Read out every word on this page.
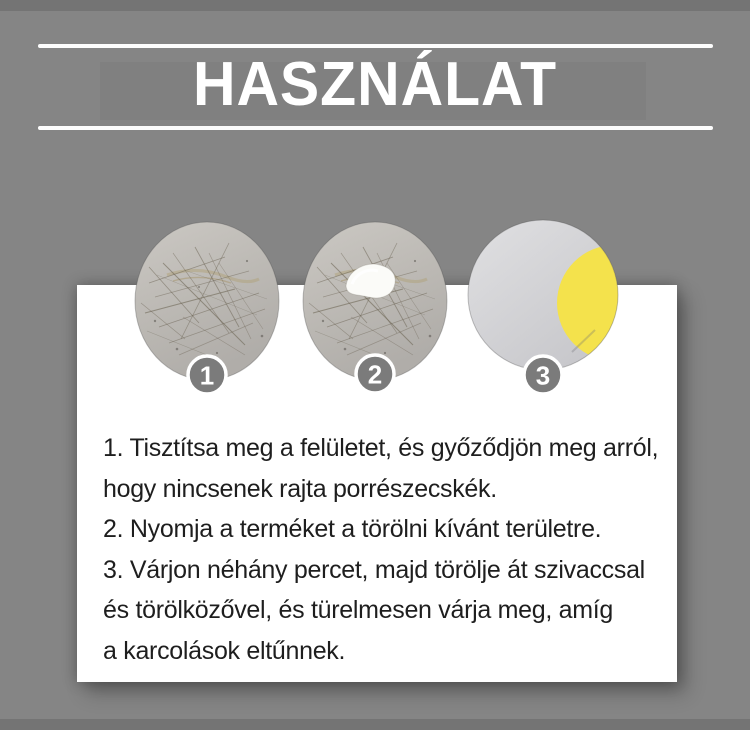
HASZNÁLAT
1	2	3
1. Tisztítsa meg a felületet, és győződjön meg arról,
hogy nincsenek rajta porrészecskék.
2. Nyomja a terméket a törölni kívánt területre.
3. Várjon néhány percet, majd törölje át szivaccsal
és törölközővel, és türelmesen várja meg, amíg
a karcolások eltűnnek.
